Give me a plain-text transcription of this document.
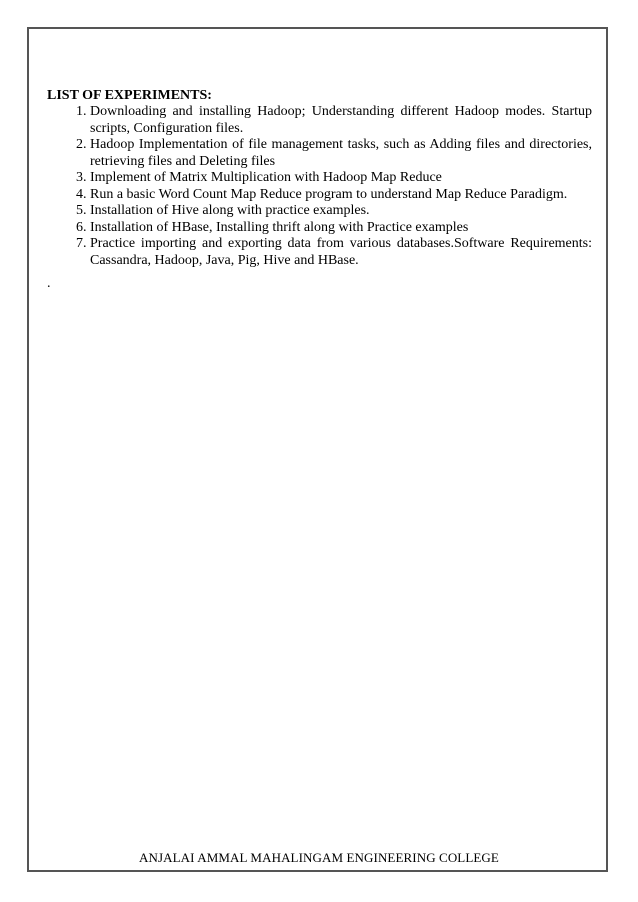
LIST OF EXPERIMENTS:

1. Downloading and installing Hadoop; Understanding different Hadoop modes. Startup scripts, Configuration files.
2. Hadoop Implementation of file management tasks, such as Adding files and directories, retrieving files and Deleting files
3. Implement of Matrix Multiplication with Hadoop Map Reduce
4. Run a basic Word Count Map Reduce program to understand Map Reduce Paradigm.
5. Installation of Hive along with practice examples.
6. Installation of HBase, Installing thrift along with Practice examples
7. Practice importing and exporting data from various databases.Software Requirements: Cassandra, Hadoop, Java, Pig, Hive and HBase.
.
ANJALAI AMMAL MAHALINGAM ENGINEERING COLLEGE
